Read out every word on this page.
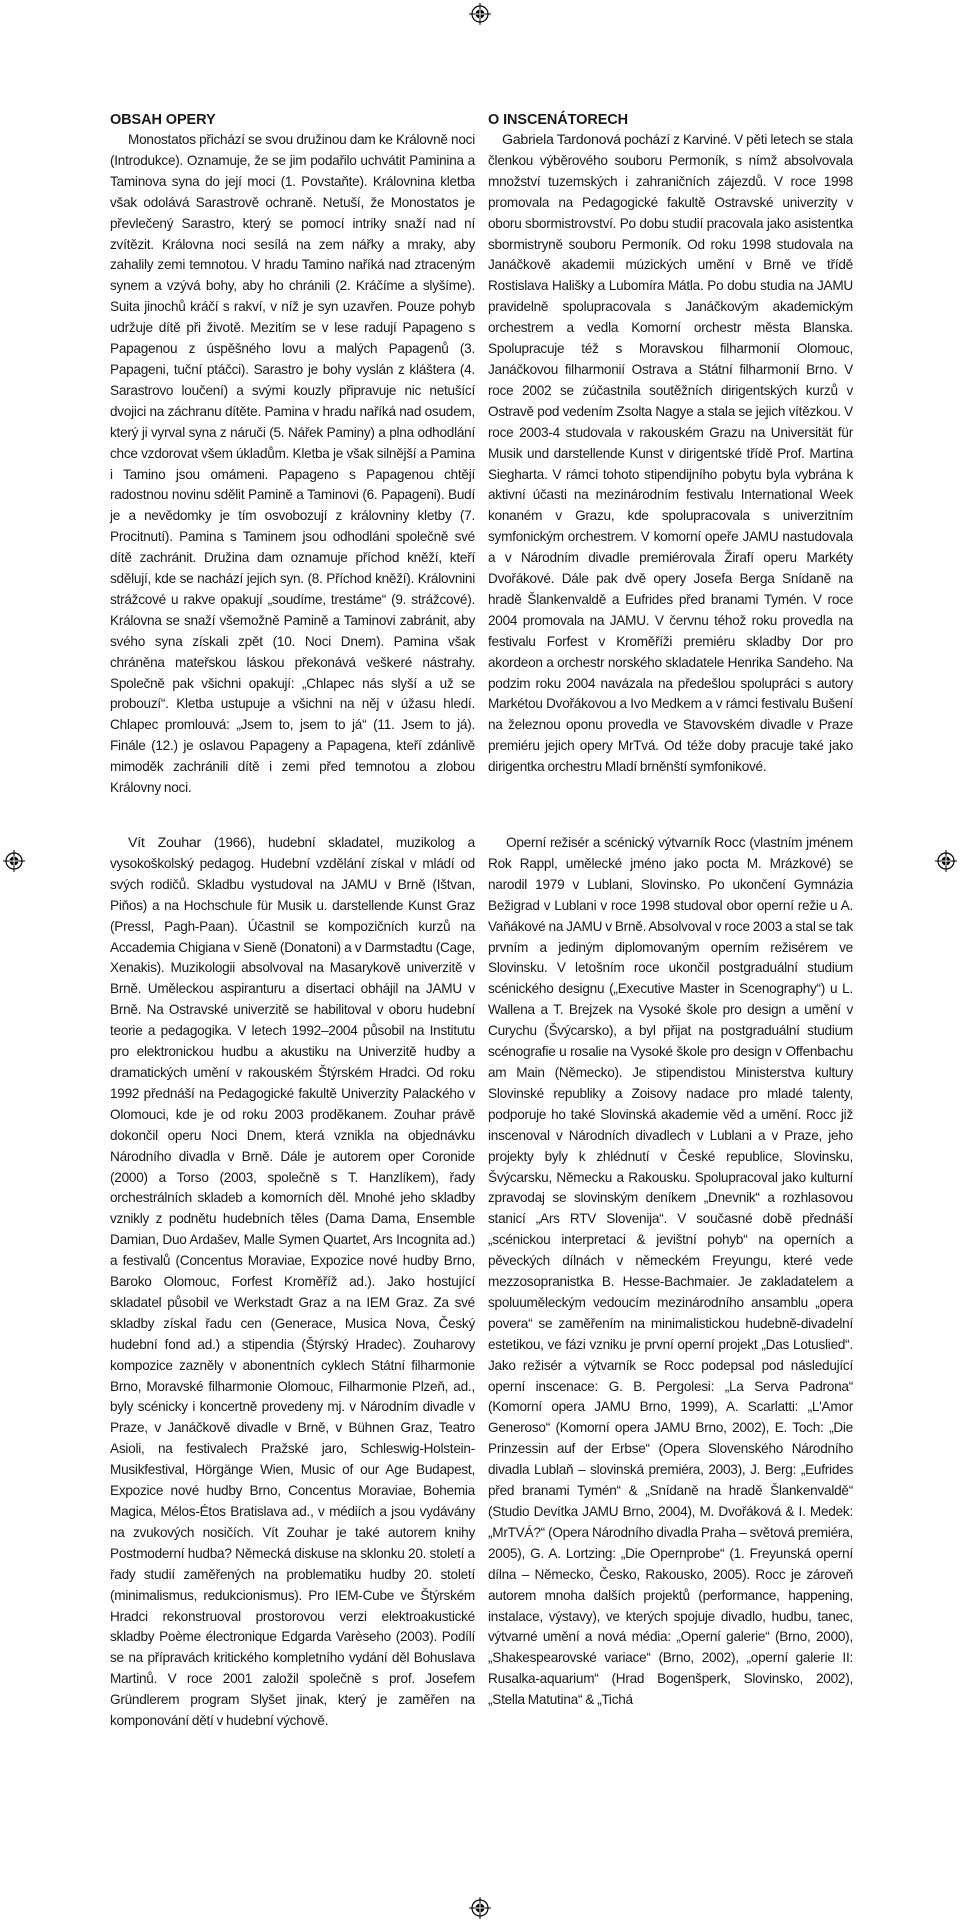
OBSAH OPERY

Monostatos přichází se svou družinou dam ke Královně noci (Introdukce). Oznamuje, že se jim podařilo uchvátit Paminina a Taminova syna do její moci (1. Povstaňte). Královnina kletba však odolává Sarastrově ochraně. Netuší, že Monostatos je převlečený Sarastro, který se pomocí intriky snaží nad ní zvítězit. Královna noci sesílá na zem nářky a mraky, aby zahalily zemi temnotou. V hradu Tamino naříká nad ztraceným synem a vzývá bohy, aby ho chránili (2. Kráčíme a slyšíme). Suita jinochů kráčí s rakví, v níž je syn uzavřen. Pouze pohyb udržuje dítě při životě. Mezitím se v lese radují Papageno s Papagenou z úspěšného lovu a malých Papagenů (3. Papageni, tuční ptáčci). Sarastro je bohy vyslán z kláštera (4. Sarastrovo loučení) a svými kouzly připravuje nic netušící dvojici na záchranu dítěte. Pamina v hradu naříká nad osudem, který ji vyrval syna z náruči (5. Nářek Paminy) a plna odhodlání chce vzdorovat všem úkladům. Kletba je však silnější a Pamina i Tamino jsou omámeni. Papageno s Papagenou chtějí radostnou novinu sdělit Pamině a Taminovi (6. Papageni). Budí je a nevědomky je tím osvobozují z královniny kletby (7. Procitnutí). Pamina s Taminem jsou odhodláni společně své dítě zachránit. Družina dam oznamuje příchod kněží, kteří sdělují, kde se nachází jejich syn. (8. Příchod kněží). Královnini strážcové u rakve opakují „soudíme, trestáme“ (9. strážcové). Královna se snaží všemožně Pamině a Taminovi zabránit, aby svého syna získali zpět (10. Noci Dnem). Pamina však chráněna mateřskou láskou překonává veškeré nástrahy. Společně pak všichni opakují: „Chlapec nás slyší a už se probouzí“. Kletba ustupuje a všichni na něj v úžasu hledí. Chlapec promlouvá: „Jsem to, jsem to já“ (11. Jsem to já). Finále (12.) je oslavou Papageny a Papagena, kteří zdánlivě mimoděk zachránili dítě i zemi před temnotou a zlobou Královny noci.

O INSCENÁTORECH

Gabriela Tardonová pochází z Karviné. V pěti letech se stala členkou výběrového souboru Permoník, s nímž absolvovala množství tuzemských i zahraničních zájezdů. V roce 1998 promovala na Pedagogické fakultě Ostravské univerzity v oboru sbormistrovství. Po dobu studií pracovala jako asistentka sbormistryně souboru Permoník. Od roku 1998 studovala na Janáčkově akademii múzických umění v Brně ve třídě Rostislava Hališky a Lubomíra Mátla. Po dobu studia na JAMU pravidelně spolupracovala s Janáčkovým akademickým orchestrem a vedla Komorní orchestr města Blanska. Spolupracuje též s Moravskou filharmonií Olomouc, Janáčkovou filharmonií Ostrava a Státní filharmonií Brno. V roce 2002 se zúčastnila soutěžních dirigentských kurzů v Ostravě pod vedením Zsolta Nagye a stala se jejich vítězkou. V roce 2003-4 studovala v rakouském Grazu na Universität für Musik und darstellende Kunst v dirigentské třídě Prof. Martina Siegharta. V rámci tohoto stipendijního pobytu byla vybrána k aktivní účasti na mezinárodním festivalu International Week konaném v Grazu, kde spolupracovala s univerzitním symfonickým orchestrem. V komorní opeře JAMU nastudovala a v Národním divadle premiérovala Žirafí operu Markéty Dvořákové. Dále pak dvě opery Josefa Berga Snídaně na hradě Šlankenvaldě a Eufrides před branami Tymén. V roce 2004 promovala na JAMU. V červnu téhož roku provedla na festivalu Forfest v Kroměříži premiéru skladby Dor pro akordeon a orchestr norského skladatele Henrika Sandeho. Na podzim roku 2004 navázala na předešlou spolupráci s autory Markétou Dvořákovou a Ivo Medkem a v rámci festivalu Bušení na železnou oponu provedla ve Stavovském divadle v Praze premiéru jejich opery MrTvá. Od téže doby pracuje také jako dirigentka orchestru Mladí brněnští symfonikové.

Vít Zouhar (1966), hudební skladatel, muzikolog a vysokoškolský pedagog. Hudební vzdělání získal v mládí od svých rodičů. Skladbu vystudoval na JAMU v Brně (Ištvan, Piňos) a na Hochschule für Musik u. darstellende Kunst Graz (Pressl, Pagh-Paan). Účastnil se kompozičních kurzů na Accademia Chigiana v Sieně (Donatoni) a v Darmstadtu (Cage, Xenakis). Muzikologii absolvoval na Masarykově univerzitě v Brně. Uměleckou aspiranturu a disertaci obhájil na JAMU v Brně. Na Ostravské univerzitě se habilitoval v oboru hudební teorie a pedagogika. V letech 1992–2004 působil na Institutu pro elektronickou hudbu a akustiku na Univerzitě hudby a dramatických umění v rakouském Štýrském Hradci. Od roku 1992 přednáší na Pedagogické fakultě Univerzity Palackého v Olomouci, kde je od roku 2003 proděkanem. Zouhar právě dokončil operu Noci Dnem, která vznikla na objednávku Národního divadla v Brně. Dále je autorem oper Coronide (2000) a Torso (2003, společně s T. Hanzlíkem), řady orchestrálních skladeb a komorních děl. Mnohé jeho skladby vznikly z podnětu hudebních těles (Dama Dama, Ensemble Damian, Duo Ardašev, Malle Symen Quartet, Ars Incognita ad.) a festivalů (Concentus Moraviae, Expozice nové hudby Brno, Baroko Olomouc, Forfest Kroměříž ad.). Jako hostující skladatel působil ve Werkstadt Graz a na IEM Graz. Za své skladby získal řadu cen (Generace, Musica Nova, Český hudební fond ad.) a stipendia (Štýrský Hradec). Zouharovy kompozice zazněly v abonentních cyklech Státní filharmonie Brno, Moravské filharmonie Olomouc, Filharmonie Plzeň, ad., byly scénicky i koncertně provedeny mj. v Národním divadle v Praze, v Janáčkově divadle v Brně, v Bühnen Graz, Teatro Asioli, na festivalech Pražské jaro, Schleswig-Holstein-Musikfestival, Hörgänge Wien, Music of our Age Budapest, Expozice nové hudby Brno, Concentus Moraviae, Bohemia Magica, Mélos-Étos Bratislava ad., v médiích a jsou vydávány na zvukových nosičích. Vít Zouhar je také autorem knihy Postmoderní hudba? Německá diskuse na sklonku 20. století a řady studií zaměřených na problematiku hudby 20. století (minimalismus, redukcionismus). Pro IEM-Cube ve Štýrském Hradci rekonstruoval prostorovou verzi elektroakustické skladby Poème électronique Edgarda Varèseho (2003). Podílí se na přípravách kritického kompletního vydání děl Bohuslava Martinů. V roce 2001 založil společně s prof. Josefem Gründlerem program Slyšet jinak, který je zaměřen na komponování dětí v hudební výchově.

Operní režisér a scénický výtvarník Rocc (vlastním jménem Rok Rappl, umělecké jméno jako pocta M. Mrázkové) se narodil 1979 v Lublani, Slovinsko. Po ukončení Gymnázia Bežigrad v Lublani v roce 1998 studoval obor operní režie u A. Vaňákové na JAMU v Brně. Absolvoval v roce 2003 a stal se tak prvním a jediným diplomovaným operním režisérem ve Slovinsku. V letošním roce ukončil postgraduální studium scénického designu („Executive Master in Scenography“) u L. Wallena a T. Brejzek na Vysoké škole pro design a umění v Curychu (Švýcarsko), a byl přijat na postgraduální studium scénografie u rosalie na Vysoké škole pro design v Offenbachu am Main (Německo). Je stipendistou Ministerstva kultury Slovinské republiky a Zoisovy nadace pro mladé talenty, podporuje ho také Slovinská akademie věd a umění. Rocc již inscenoval v Národních divadlech v Lublani a v Praze, jeho projekty byly k zhlédnutí v České republice, Slovinsku, Švýcarsku, Německu a Rakousku. Spolupracoval jako kulturní zpravodaj se slovinským deníkem „Dnevnik“ a rozhlasovou stanicí „Ars RTV Slovenija“. V současné době přednáší „scénickou interpretaci & jevištní pohyb“ na operních a pěveckých dílnách v německém Freyungu, které vede mezzosopranistka B. Hesse-Bachmaier. Je zakladatelem a spoluuměleckým vedoucím mezinárodního ansamblu „opera povera“ se zaměřením na minimalistickou hudebně-divadelní estetikou, ve fázi vzniku je první operní projekt „Das Lotuslied“. Jako režisér a výtvarník se Rocc podepsal pod následující operní inscenace: G. B. Pergolesi: „La Serva Padrona“ (Komorní opera JAMU Brno, 1999), A. Scarlatti: „L'Amor Generoso“ (Komorní opera JAMU Brno, 2002), E. Toch: „Die Prinzessin auf der Erbse“ (Opera Slovenského Národního divadla Lublaň – slovinská premiéra, 2003), J. Berg: „Eufrides před branami Tymén“ & „Snídaně na hradě Šlankenvaldě“ (Studio Devítka JAMU Brno, 2004), M. Dvořáková & I. Medek: „MrTVÁ?“ (Opera Národního divadla Praha – světová premiéra, 2005), G. A. Lortzing: „Die Opernprobe“ (1. Freyunská operní dílna – Německo, Česko, Rakousko, 2005). Rocc je zároveň autorem mnoha dalších projektů (performance, happening, instalace, výstavy), ve kterých spojuje divadlo, hudbu, tanec, výtvarné umění a nová média: „Operní galerie“ (Brno, 2000), „Shakespearovské variace“ (Brno, 2002), „operní galerie II: Rusalka-aquarium“ (Hrad Bogenšperk, Slovinsko, 2002), „Stella Matutina“ & „Tichá
